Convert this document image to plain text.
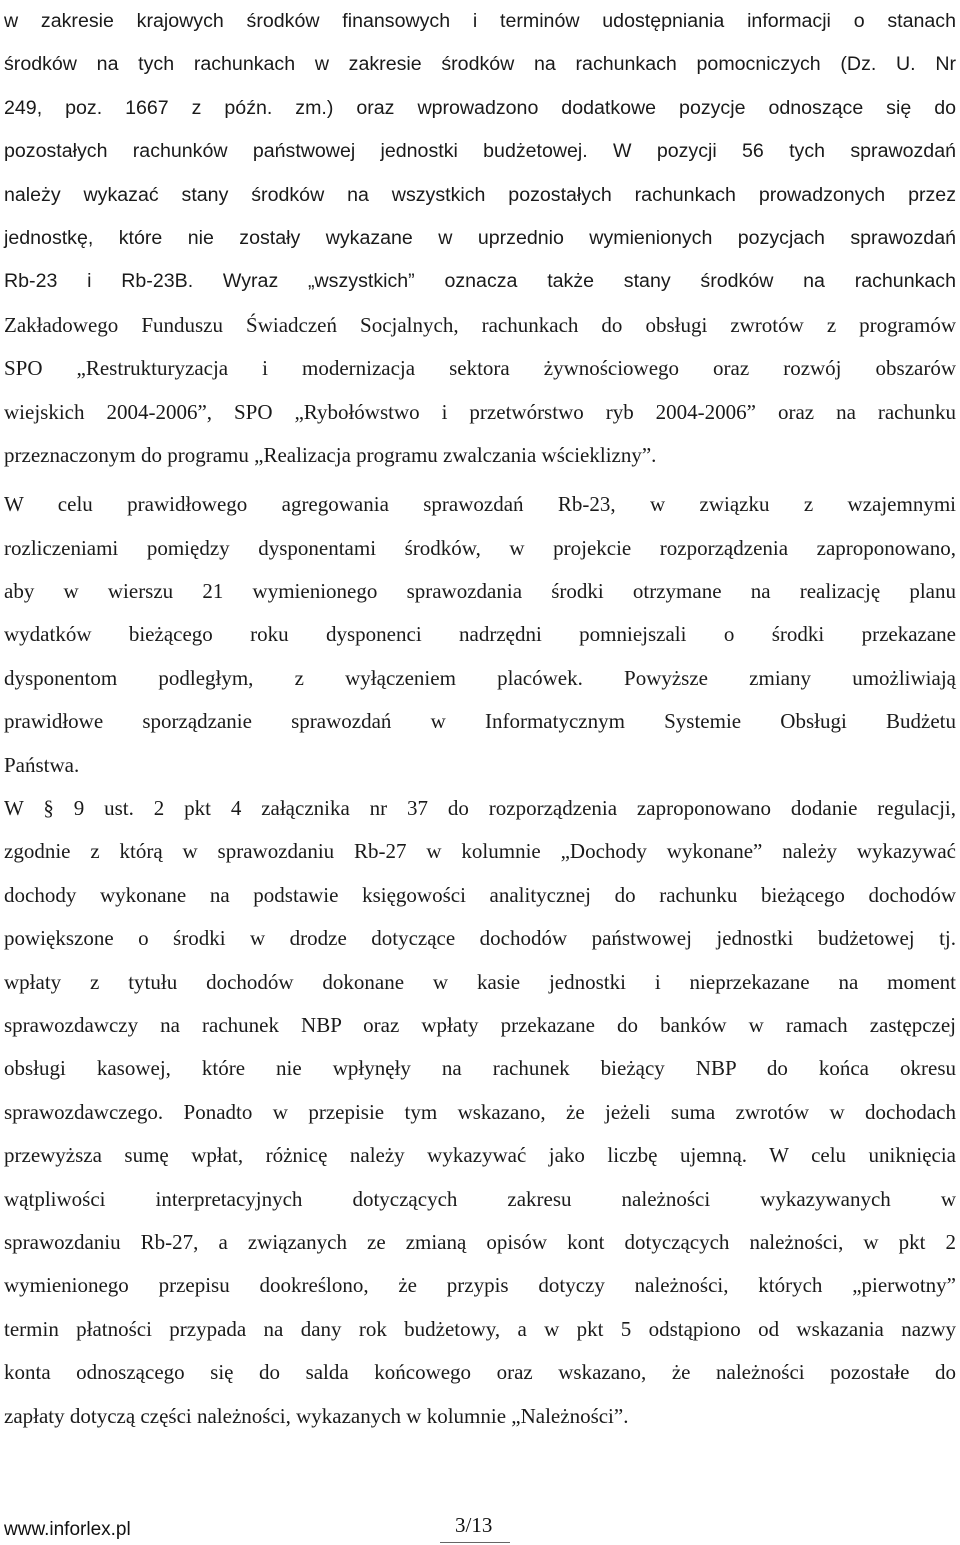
w zakresie krajowych środków finansowych i terminów udostępniania informacji o stanach
środków na tych rachunkach w zakresie środków na rachunkach pomocniczych (Dz. U. Nr
249, poz. 1667 z późn. zm.) oraz wprowadzono dodatkowe pozycje odnoszące się do
pozostałych rachunków państwowej jednostki budżetowej. W pozycji 56 tych sprawozdań
należy wykazać stany środków na wszystkich pozostałych rachunkach prowadzonych przez
jednostkę, które nie zostały wykazane w uprzednio wymienionych pozycjach sprawozdań
Rb-23 i Rb-23B. Wyraz „wszystkich” oznacza także stany środków na rachunkach
Zakładowego Funduszu Świadczeń Socjalnych, rachunkach do obsługi zwrotów z programów
SPO „Restrukturyzacja i modernizacja sektora żywnościowego oraz rozwój obszarów
wiejskich 2004-2006”, SPO „Rybołówstwo i przetwórstwo ryb 2004-2006” oraz na rachunku
przeznaczonym do programu „Realizacja programu zwalczania wścieklizny”.
W celu prawidłowego agregowania sprawozdań Rb-23, w związku z wzajemnymi
rozliczeniami pomiędzy dysponentami środków, w projekcie rozporządzenia zaproponowano,
aby w wierszu 21 wymienionego sprawozdania środki otrzymane na realizację planu
wydatków bieżącego roku dysponenci nadrzędni pomniejszali o środki przekazane
dysponentom podległym, z wyłączeniem placówek. Powyższe zmiany umożliwiają
prawidłowe sporządzanie sprawozdań w Informatycznym Systemie Obsługi Budżetu
Państwa.
W § 9 ust. 2 pkt 4 załącznika nr 37 do rozporządzenia zaproponowano dodanie regulacji,
zgodnie z którą w sprawozdaniu Rb-27 w kolumnie „Dochody wykonane” należy wykazywać
dochody wykonane na podstawie księgowości analitycznej do rachunku bieżącego dochodów
powiększone o środki w drodze dotyczące dochodów państwowej jednostki budżetowej tj.
wpłaty z tytułu dochodów dokonane w kasie jednostki i nieprzekazane na moment
sprawozdawczy na rachunek NBP oraz wpłaty przekazane do banków w ramach zastępczej
obsługi kasowej, które nie wpłynęły na rachunek bieżący NBP do końca okresu
sprawozdawczego. Ponadto w przepisie tym wskazano, że jeżeli suma zwrotów w dochodach
przewyższa sumę wpłat, różnicę należy wykazywać jako liczbę ujemną. W celu uniknięcia
wątpliwości interpretacyjnych dotyczących zakresu należności wykazywanych w
sprawozdaniu Rb-27, a związanych ze zmianą opisów kont dotyczących należności, w pkt 2
wymienionego przepisu dookreślono, że przypis dotyczy należności, których „pierwotny”
termin płatności przypada na dany rok budżetowy, a w pkt 5 odstąpiono od wskazania nazwy
konta odnoszącego się do salda końcowego oraz wskazano, że należności pozostałe do
zapłaty dotyczą części należności, wykazanych w kolumnie „Należności”.
www.inforlex.pl	3/13
